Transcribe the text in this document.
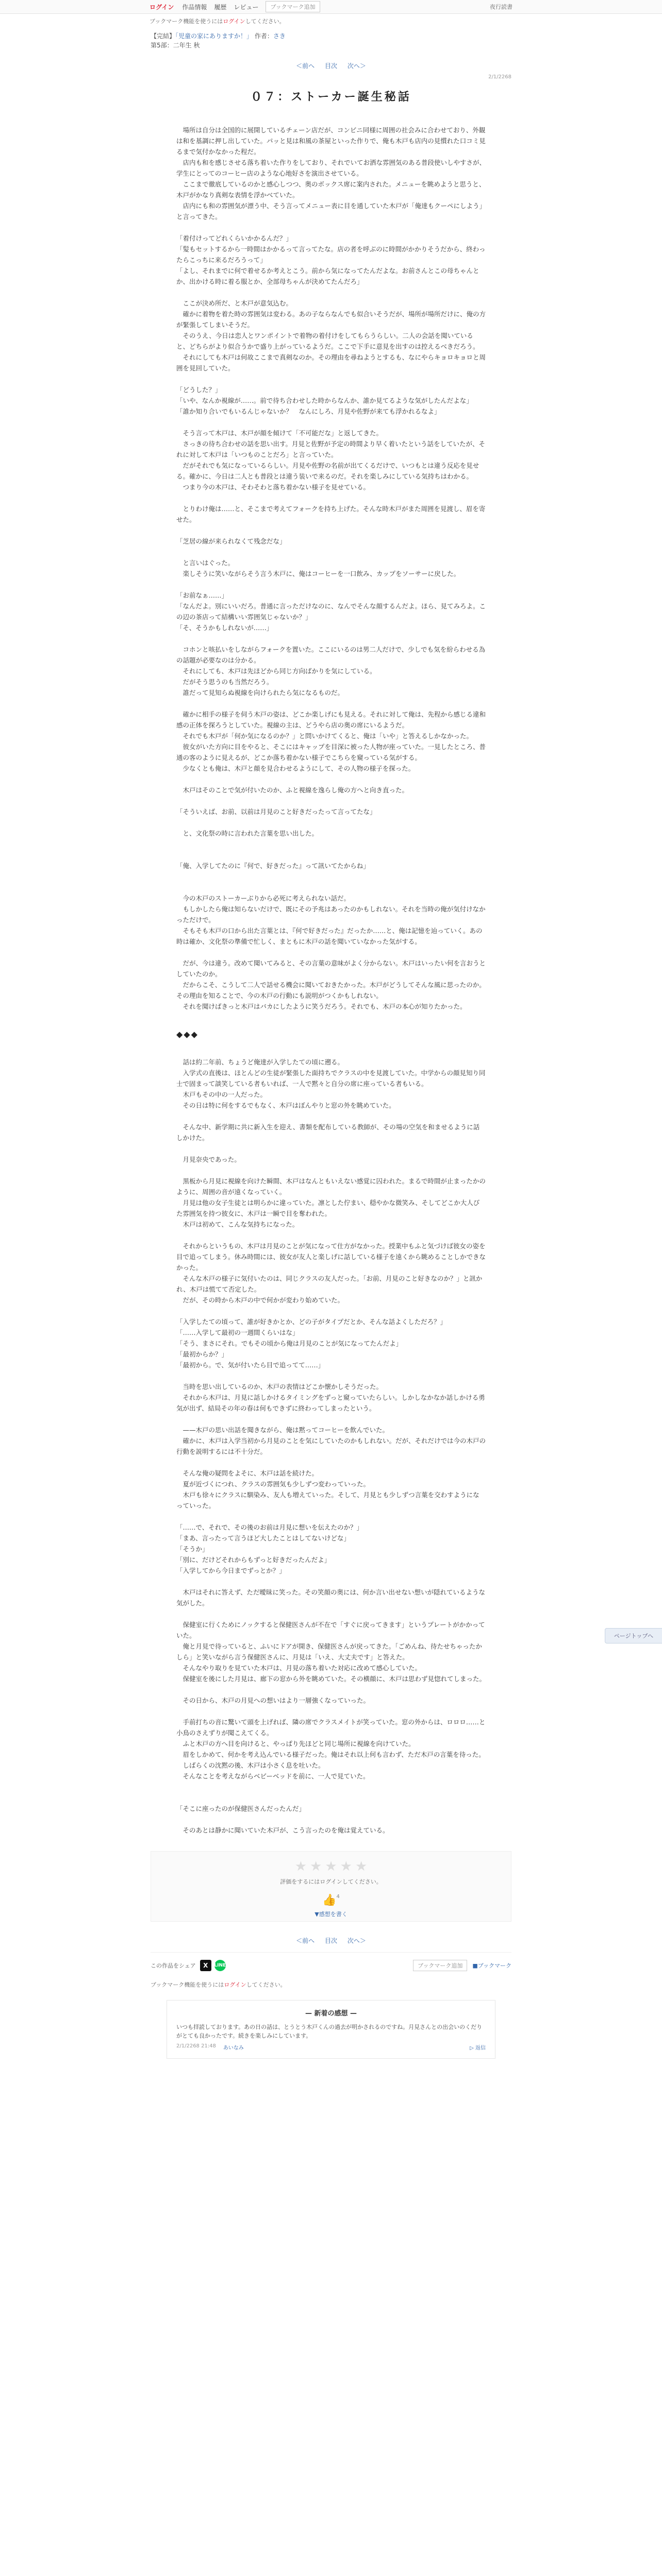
ログイン 作品情報 履歴 レビュー	ブックマーク追加	夜行読書
ブックマーク機能を使うにはログインしてください。
【完結】「児童の家にありますか！」 作者：さき
第5部：二年生 秋
＜前へ 目次 次へ＞
2/1/2268
０７：ストーカー誕生秘話

　場所は自分は全国的に展開しているチェーン店だが、コンビニ同様に周囲の社会みに合わせており、外観は和を基調に押し出していた。パッと見は和風の茶屋といった作りで、俺も木戸も店内の見慣れた口コミ見るまで気付かなかった程だ。

　店内も和を感じさせる落ち着いた作りをしており、それでいてお洒な雰囲気のある普段使いしやすさが、学生にとってのコーヒー店のような心地好さを演出させている。

　ここまで徹底しているのかと感心しつつ、奥のボックス席に案内された。メニューを眺めようと思うと、木戸がかなり真剣な表情を浮かべていた。

　店内にも和の雰囲気が漂う中、そう言ってメニュー表に目を通していた木戸が「俺達もクーペにしよう」と言ってきた。

「着付けってどれくらいかかるんだ？」

「髪もセットするから一時間はかかるって言ってたな。店の者を呼ぶのに時間がかかりそうだから、終わったらこっちに来るだろうって」

「よし、それまでに何で着せるか考えとこう。前から気になってたんだよな。お前さんとこの母ちゃんとか、出かける時に着る服とか、全部母ちゃんが決めてたんだろ」

　ここが決め所だ、と木戸が意気込む。

　確かに着物を着た時の雰囲気は変わる。あの子ならなんでも似合いそうだが、場所が場所だけに、俺の方が緊張してしまいそうだ。

　そのうえ、今日は恋人とワンポイントで着物の着付けをしてもらうらしい。二人の会話を聞いていると、どちらがより似合うかで盛り上がっているようだ。ここで下手に意見を出すのは控えるべきだろう。

　それにしても木戸は何故ここまで真剣なのか。その理由を尋ねようとするも、なにやらキョロキョロと周囲を見回していた。

「どうした？」

「いや、なんか視線が……。前で待ち合わせした時からなんか、誰か見てるような気がしたんだよな」

「誰か知り合いでもいるんじゃないか？　なんにしろ、月見や佐野が来ても浮かれるなよ」

　そう言って木戸は、木戸が顔を傾けて「不可能だな」と返してきた。

　さっきの待ち合わせの話を思い出す。月見と佐野が予定の時間より早く着いたという話をしていたが、それに対して木戸は「いつものことだろ」と言っていた。

　だがそれでも気になっているらしい。月見や佐野の名前が出てくるだけで、いつもとは違う反応を見せる。確かに、今日は二人とも普段とは違う装いで来るのだ。それを楽しみにしている気持ちはわかる。

　つまり今の木戸は、そわそわと落ち着かない様子を見せている。

　とりわけ俺は……と、そこまで考えてフォークを持ち上げた。そんな時木戸がまた周囲を見渡し、眉を寄せた。

「芝居の線が来られなくて残念だな」

　と言いはぐった。

　楽しそうに笑いながらそう言う木戸に、俺はコーヒーを一口飲み、カップをソーサーに戻した。

「お前なぁ……」

「なんだよ。別にいいだろ。普通に言っただけなのに、なんでそんな顔するんだよ。ほら、見てみろよ。この辺の茶店って結構いい雰囲気じゃないか？」

「そ、そうかもしれないが……」

　コホンと咳払いをしながらフォークを置いた。ここにいるのは男二人だけで、少しでも気を紛らわせる為の話題が必要なのは分かる。

　それにしても、木戸は先ほどから同じ方向ばかりを気にしている。

　だがそう思うのも当然だろう。

　誰だって見知らぬ視線を向けられたら気になるものだ。

　確かに相手の様子を伺う木戸の姿は、どこか楽しげにも見える。それに対して俺は、先程から感じる違和感の正体を探ろうとしていた。視線の主は、どうやら店の奥の席にいるようだ。

　それでも木戸が「何か気になるのか？」と問いかけてくると、俺は「いや」と答えるしかなかった。

　彼女がいた方向に目をやると、そこにはキャップを目深に被った人物が座っていた。一見したところ、普通の客のように見えるが、どこか落ち着かない様子でこちらを窺っている気がする。

　少なくとも俺は、木戸と顔を見合わせるようにして、その人物の様子を探った。

　木戸はそのことで気が付いたのか、ふと視線を逸らし俺の方へと向き直った。

「そういえば、お前、以前は月見のこと好きだったって言ってたな」

　と、文化祭の時に言われた言葉を思い出した。

「俺、入学してたのに『何で、好きだった』って訊いてたからね」

　今の木戸のストーカーぶりから必死に考えられない話だ。

　もしかしたら俺は知らないだけで、既にその予兆はあったのかもしれない。それを当時の俺が気付けなかっただけで。

　そもそも木戸の口から出た言葉とは、『何で好きだった』だったか……と、俺は記憶を辿っていく。あの時は確か、文化祭の準備で忙しく、まともに木戸の話を聞いていなかった気がする。

　だが、今は違う。改めて聞いてみると、その言葉の意味がよく分からない。木戸はいったい何を言おうとしていたのか。

　だからこそ、こうして二人で話せる機会に聞いておきたかった。木戸がどうしてそんな風に思ったのか。その理由を知ることで、今の木戸の行動にも説明がつくかもしれない。

　それを聞けばきっと木戸はバカにしたように笑うだろう。それでも、木戸の本心が知りたかった。

◆◆◆

　話は約二年前、ちょうど俺達が入学したての頃に遡る。

　入学式の直後は、ほとんどの生徒が緊張した面持ちでクラスの中を見渡していた。中学からの顔見知り同士で固まって談笑している者もいれば、一人で黙々と自分の席に座っている者もいる。

　木戸もその中の一人だった。

　その日は特に何をするでもなく、木戸はぼんやりと窓の外を眺めていた。

　そんな中、新学期に共に新入生を迎え、書類を配布している教師が、その場の空気を和ませるように話しかけた。

　月見奈央であった。

　黒板から月見に視線を向けた瞬間、木戸はなんともいえない感覚に囚われた。まるで時間が止まったかのように、周囲の音が遠くなっていく。

　月見は他の女子生徒とは明らかに違っていた。凛とした佇まい、穏やかな微笑み、そしてどこか大人びた雰囲気を持つ彼女に、木戸は一瞬で目を奪われた。

　木戸は初めて、こんな気持ちになった。

　それからというもの、木戸は月見のことが気になって仕方がなかった。授業中もふと気づけば彼女の姿を目で追ってしまう。休み時間には、彼女が友人と楽しげに話している様子を遠くから眺めることしかできなかった。

　そんな木戸の様子に気付いたのは、同じクラスの友人だった。「お前、月見のこと好きなのか？」と訊かれ、木戸は慌てて否定した。

　だが、その時から木戸の中で何かが変わり始めていた。

「入学したての頃って、誰が好きかとか、どの子がタイプだとか、そんな話よくしただろ？」

「……入学して最初の一週間くらいはな」

「そう、まさにそれ。でもその頃から俺は月見のことが気になってたんだよ」

「最初からか？」

「最初から。で、気が付いたら目で追ってて……」

　当時を思い出しているのか、木戸の表情はどこか懐かしそうだった。

　それから木戸は、月見に話しかけるタイミングをずっと窺っていたらしい。しかしなかなか話しかける勇気が出ず、結局その年の春は何もできずに終わってしまったという。

　——木戸の思い出話を聞きながら、俺は黙ってコーヒーを飲んでいた。

　確かに、木戸は入学当初から月見のことを気にしていたのかもしれない。だが、それだけでは今の木戸の行動を説明するには不十分だ。

　そんな俺の疑問をよそに、木戸は話を続けた。

　夏が近づくにつれ、クラスの雰囲気も少しずつ変わっていった。

　木戸も徐々にクラスに馴染み、友人も増えていった。そして、月見とも少しずつ言葉を交わすようになっていった。

「……で、それで、その後のお前は月見に想いを伝えたのか？」

「まあ、言ったって言うほど大したことはしてないけどな」

「そうか」

「別に、だけどそれからもずっと好きだったんだよ」

「入学してから今日までずっとか？」

　木戸はそれに答えず、ただ曖昧に笑った。その笑顔の奥には、何か言い出せない想いが隠れているような気がした。

　保健室に行くためにノックすると保健医さんが不在で「すぐに戻ってきます」というプレートがかかっていた。

　俺と月見で待っていると、ふいにドアが開き、保健医さんが戻ってきた。「ごめんね、待たせちゃったかしら」と笑いながら言う保健医さんに、月見は「いえ、大丈夫です」と答えた。

　そんなやり取りを見ていた木戸は、月見の落ち着いた対応に改めて感心していた。

　保健室を後にした月見は、廊下の窓から外を眺めていた。その横顔に、木戸は思わず見惚れてしまった。

　その日から、木戸の月見への想いはより一層強くなっていった。

　手前打ちの音に驚いて頭を上げれば、隣の席でクラスメイトが笑っていた。窓の外からは、ロロロ……と小鳥のさえずりが聞こえてくる。

　ふと木戸の方へ目を向けると、やっぱり先ほどと同じ場所に視線を向けていた。

　眉をしかめて、何かを考え込んでいる様子だった。俺はそれ以上何も言わず、ただ木戸の言葉を待った。

　しばらくの沈黙の後、木戸は小さく息を吐いた。

　そんなことを考えながらベビーベッドを前に、一人で見ていた。

「そこに座ったのが保健医さんだったんだ」

　そのあとは静かに聞いていた木戸が、こう言ったのを俺は覚えている。

★ ★ ★ ★ ★
評価をするにはログインしてください。
👍4
▼感想を書く
＜前へ 目次 次へ＞
ページトップへ
この作品をシェア	X	LINE	ブックマーク追加	■ブックマーク
ブックマーク機能を使うにはログインしてください。
— 新着の感想 —
いつも拝読しております。あの日の話は、とうとう木戸くんの過去が明かされるのですね。月見さんとの出会いのくだりがとても良かったです。続きを楽しみにしています。
2/1/2268 21:48 あいなみ	▷ 返信
